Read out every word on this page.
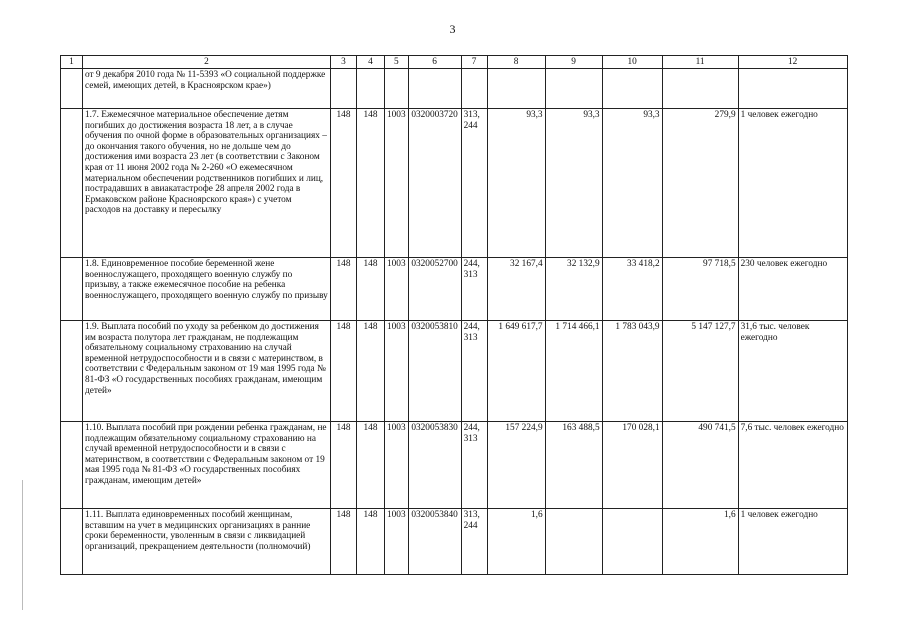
3
1	2	3	4	5	6	7	8	9	10	11	12
	от 9 декабря 2010 года № 11-5393 «О социальной поддержке семей, имеющих детей, в Красноярском крае»)										
	1.7. Ежемесячное материальное обеспечение детям погибших до достижения возраста 18 лет, а в случае обучения по очной форме в образовательных организациях – до окончания такого обучения, но не дольше чем до достижения ими возраста 23 лет (в соответствии с Законом края от 11 июня 2002 года № 2-260 «О ежемесячном материальном обеспечении родственников погибших и лиц, пострадавших в авиакатастрофе 28 апреля 2002 года в Ермаковском районе Красноярского края») с учетом расходов на доставку и пересылку	148	148	1003	0320003720	313, 244	93,3	93,3	93,3	279,9	1 человек ежегодно
	1.8. Единовременное пособие беременной жене военнослужащего, проходящего военную службу по призыву, а также ежемесячное пособие на ребенка военнослужащего, проходящего военную службу по призыву	148	148	1003	0320052700	244, 313	32 167,4	32 132,9	33 418,2	97 718,5	230 человек ежегодно
	1.9. Выплата пособий по уходу за ребенком до достижения им возраста полутора лет гражданам, не подлежащим обязательному социальному страхованию на случай временной нетрудоспособности и в связи с материнством, в соответствии с Федеральным законом от 19 мая 1995 года № 81-ФЗ «О государственных пособиях гражданам, имеющим детей»	148	148	1003	0320053810	244, 313	1 649 617,7	1 714 466,1	1 783 043,9	5 147 127,7	31,6 тыс. человек ежегодно
	1.10. Выплата пособий при рождении ребенка гражданам, не подлежащим обязательному социальному страхованию на случай временной нетрудоспособности и в связи с материнством, в соответствии с Федеральным законом от 19 мая 1995 года № 81-ФЗ «О государственных пособиях гражданам, имеющим детей»	148	148	1003	0320053830	244, 313	157 224,9	163 488,5	170 028,1	490 741,5	7,6 тыс. человек ежегодно
	1.11. Выплата единовременных пособий женщинам, вставшим на учет в медицинских организациях в ранние сроки беременности, уволенным в связи с ликвидацией организаций, прекращением деятельности (полномочий)	148	148	1003	0320053840	313, 244	1,6			1,6	1 человек ежегодно
